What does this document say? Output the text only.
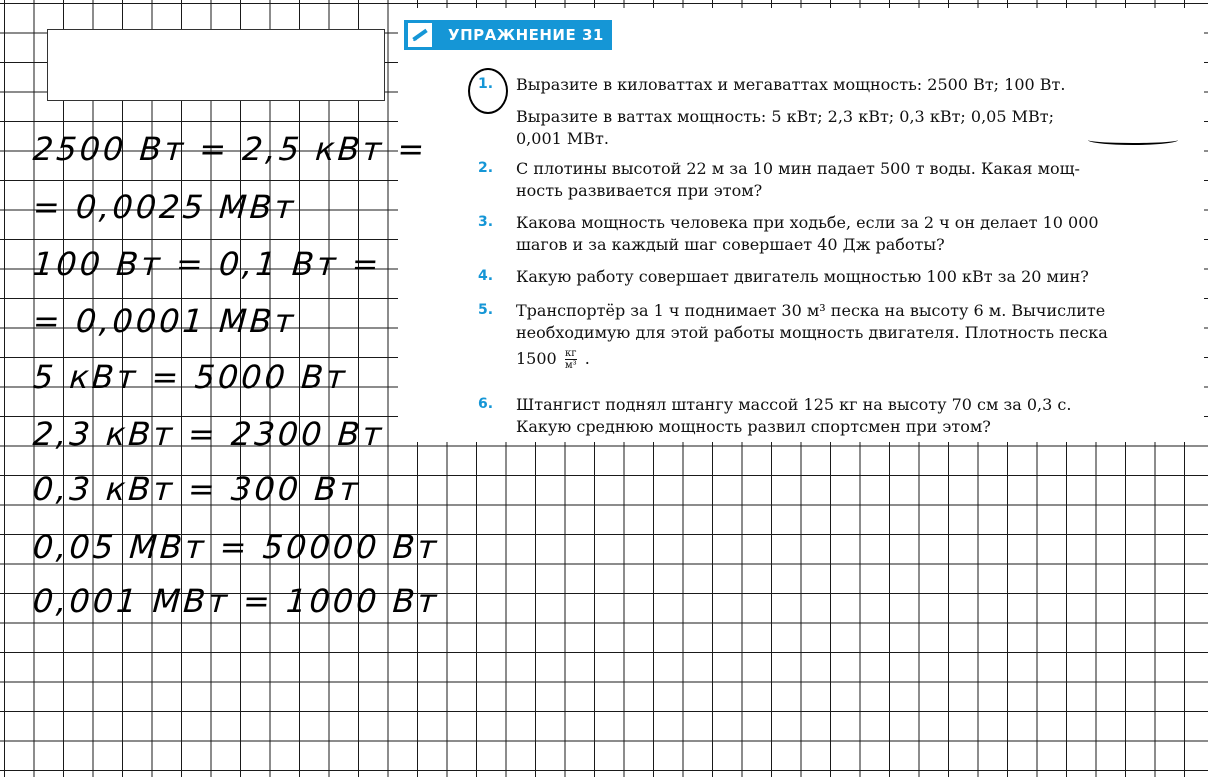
УПРАЖНЕНИЕ 31
1. Выразите в киловаттах и мегаваттах мощность: 2500 Вт; 100 Вт.
Выразите в ваттах мощность: 5 кВт; 2,3 кВт; 0,3 кВт; 0,05 МВт;
0,001 МВт.
2. С плотины высотой 22 м за 10 мин падает 500 т воды. Какая мощ-
ность развивается при этом?
3. Какова мощность человека при ходьбе, если за 2 ч он делает 10 000
шагов и за каждый шаг совершает 40 Дж работы?
4. Какую работу совершает двигатель мощностью 100 кВт за 20 мин?
5. Транспортёр за 1 ч поднимает 30 м³ песка на высоту 6 м. Вычислите
необходимую для этой работы мощность двигателя. Плотность песка
$1500 \frac{кг}{\text{м³}}$ .
6. Штангист поднял штангу массой 125 кг на высоту 70 см за 0,3 с.
Какую среднюю мощность развил спортсмен при этом?
2500 Вт = 2,5 кВт =
= 0,0025 МВт
100 Вт = 0,1 Вт =
= 0,0001 МВт
5 кВт = 5000 Вт
2,3 кВт = 2300 Вт
0,3 кВт = 300 Вт
0,05 МВт = 50000 Вт
0,001 МВт = 1000 Вт
